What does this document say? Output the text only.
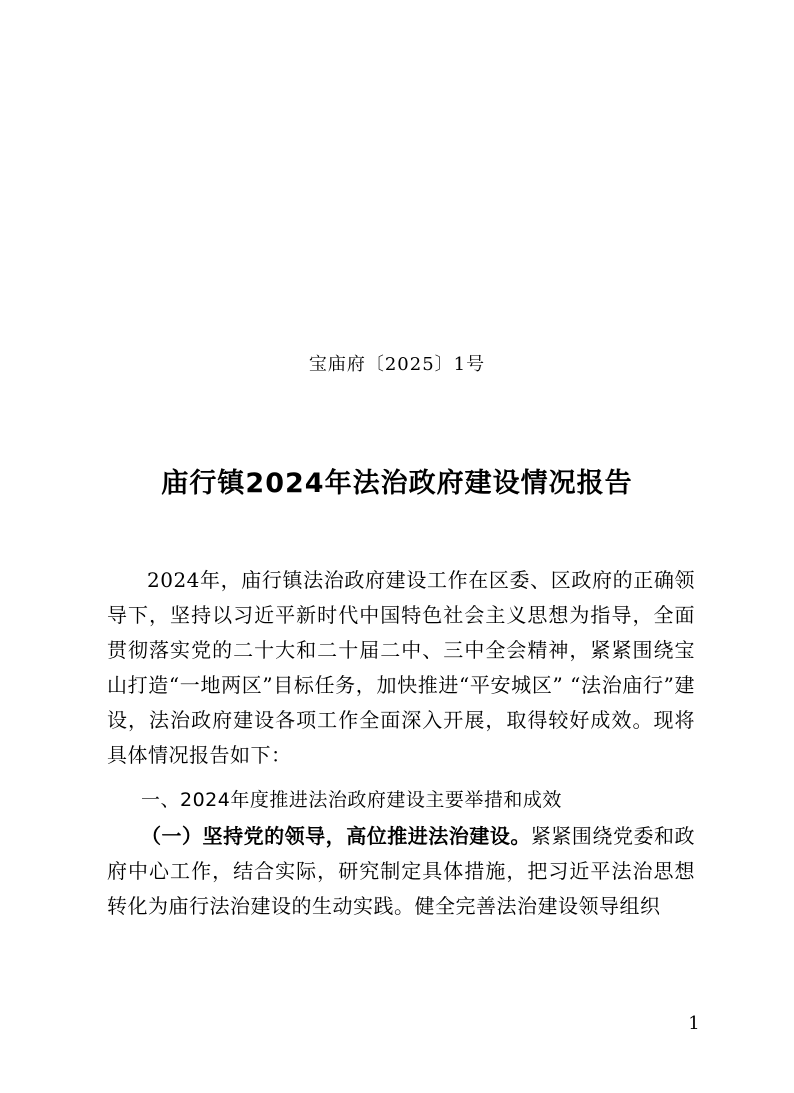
宝庙府〔2025〕1号
庙行镇2024年法治政府建设情况报告

2024年，庙行镇法治政府建设工作在区委、区政府的正确领导下，坚持以习近平新时代中国特色社会主义思想为指导，全面贯彻落实党的二十大和二十届二中、三中全会精神，紧紧围绕宝山打造“一地两区”目标任务，加快推进“平安城区” “法治庙行”建设，法治政府建设各项工作全面深入开展，取得较好成效。现将具体情况报告如下：

一、2024年度推进法治政府建设主要举措和成效

（一）坚持党的领导，高位推进法治建设。紧紧围绕党委和政府中心工作，结合实际，研究制定具体措施，把习近平法治思想转化为庙行法治建设的生动实践。健全完善法治建设领导组织

1
